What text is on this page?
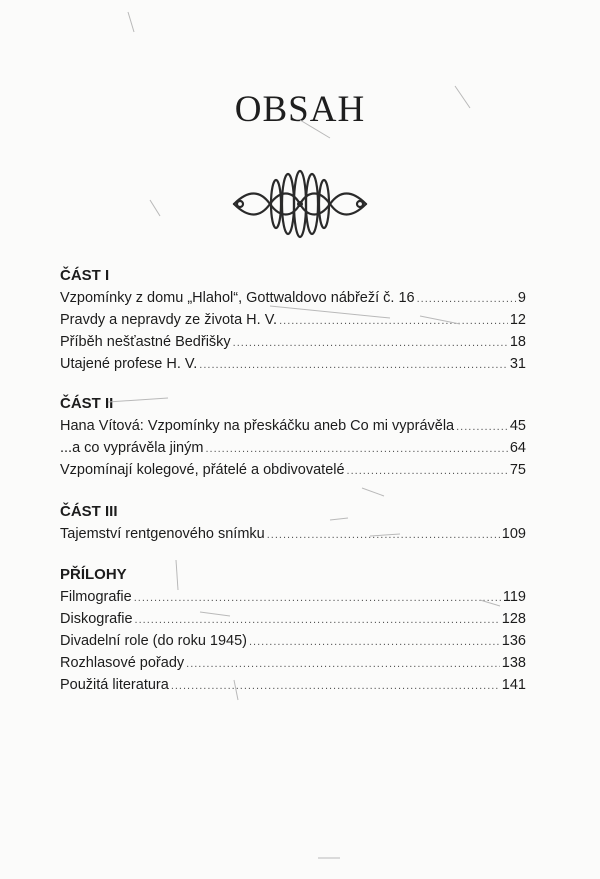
OBSAH
ČÁST I
Vzpomínky z domu „Hlahol“, Gottwaldovo nábřeží č. 16 .....	9
Pravdy a nepravdy ze života H. V. .....	12
Příběh nešťastné Bedřišky .....	18
Utajené profese H. V. .....	31
ČÁST II
Hana Vítová: Vzpomínky na přeskáčku aneb Co mi vyprávěla .....	45
...a co vyprávěla jiným .....	64
Vzpomínají kolegové, přátelé a obdivovatelé .....	75
ČÁST III
Tajemství rentgenového snímku .....	109
PŘÍLOHY
Filmografie .....	119
Diskografie .....	128
Divadelní role (do roku 1945) .....	136
Rozhlasové pořady .....	138
Použitá literatura .....	141
